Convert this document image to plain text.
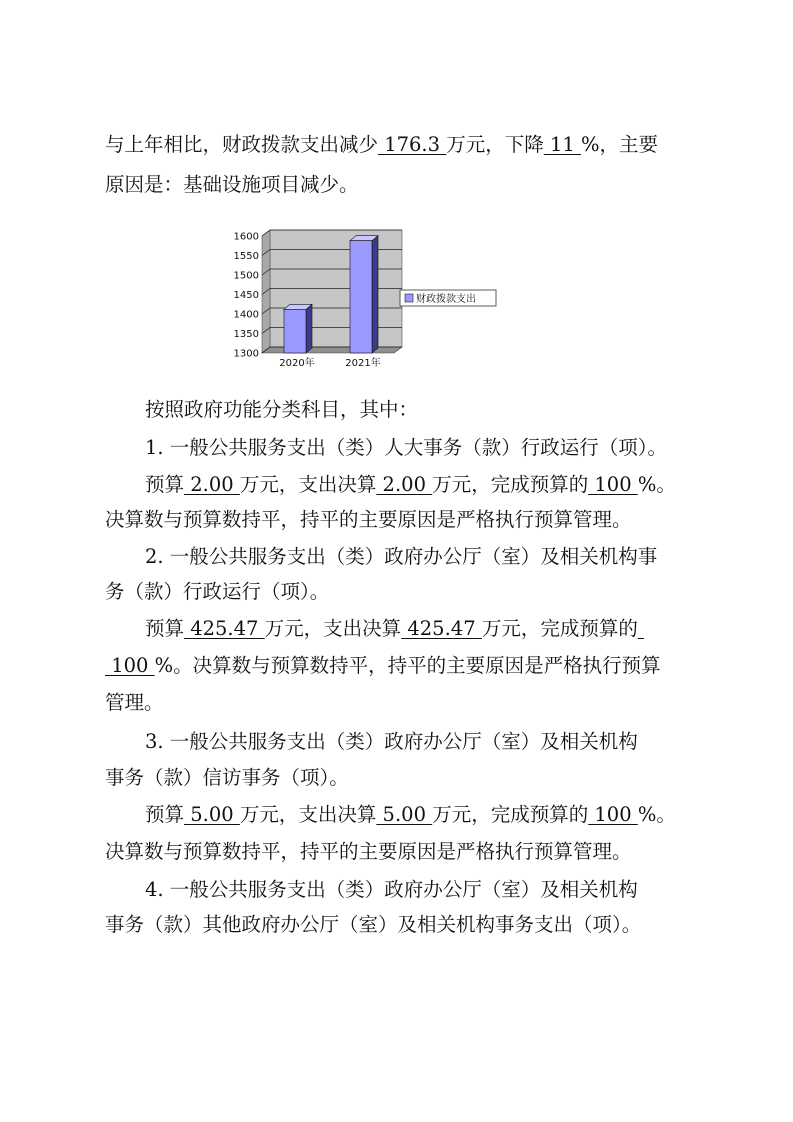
与上年相比，财政拨款支出减少 176.3 万元，下降 11 %，主要
原因是：基础设施项目减少。
1300
1350
1400
1450
1500
1550
1600
2020年	2021年
财政拨款支出
按照政府功能分类科目，其中：
1. 一般公共服务支出（类）人大事务（款）行政运行（项）。
预算 2.00 万元，支出决算 2.00 万元，完成预算的 100 %。
决算数与预算数持平，持平的主要原因是严格执行预算管理。
2. 一般公共服务支出（类）政府办公厅（室）及相关机构事
务（款）行政运行（项）。
预算 425.47 万元，支出决算 425.47 万元，完成预算的
100 %。决算数与预算数持平，持平的主要原因是严格执行预算
管理。
3. 一般公共服务支出（类）政府办公厅（室）及相关机构
事务（款）信访事务（项）。
预算 5.00 万元，支出决算 5.00 万元，完成预算的 100 %。
决算数与预算数持平，持平的主要原因是严格执行预算管理。
4. 一般公共服务支出（类）政府办公厅（室）及相关机构
事务（款）其他政府办公厅（室）及相关机构事务支出（项）。
